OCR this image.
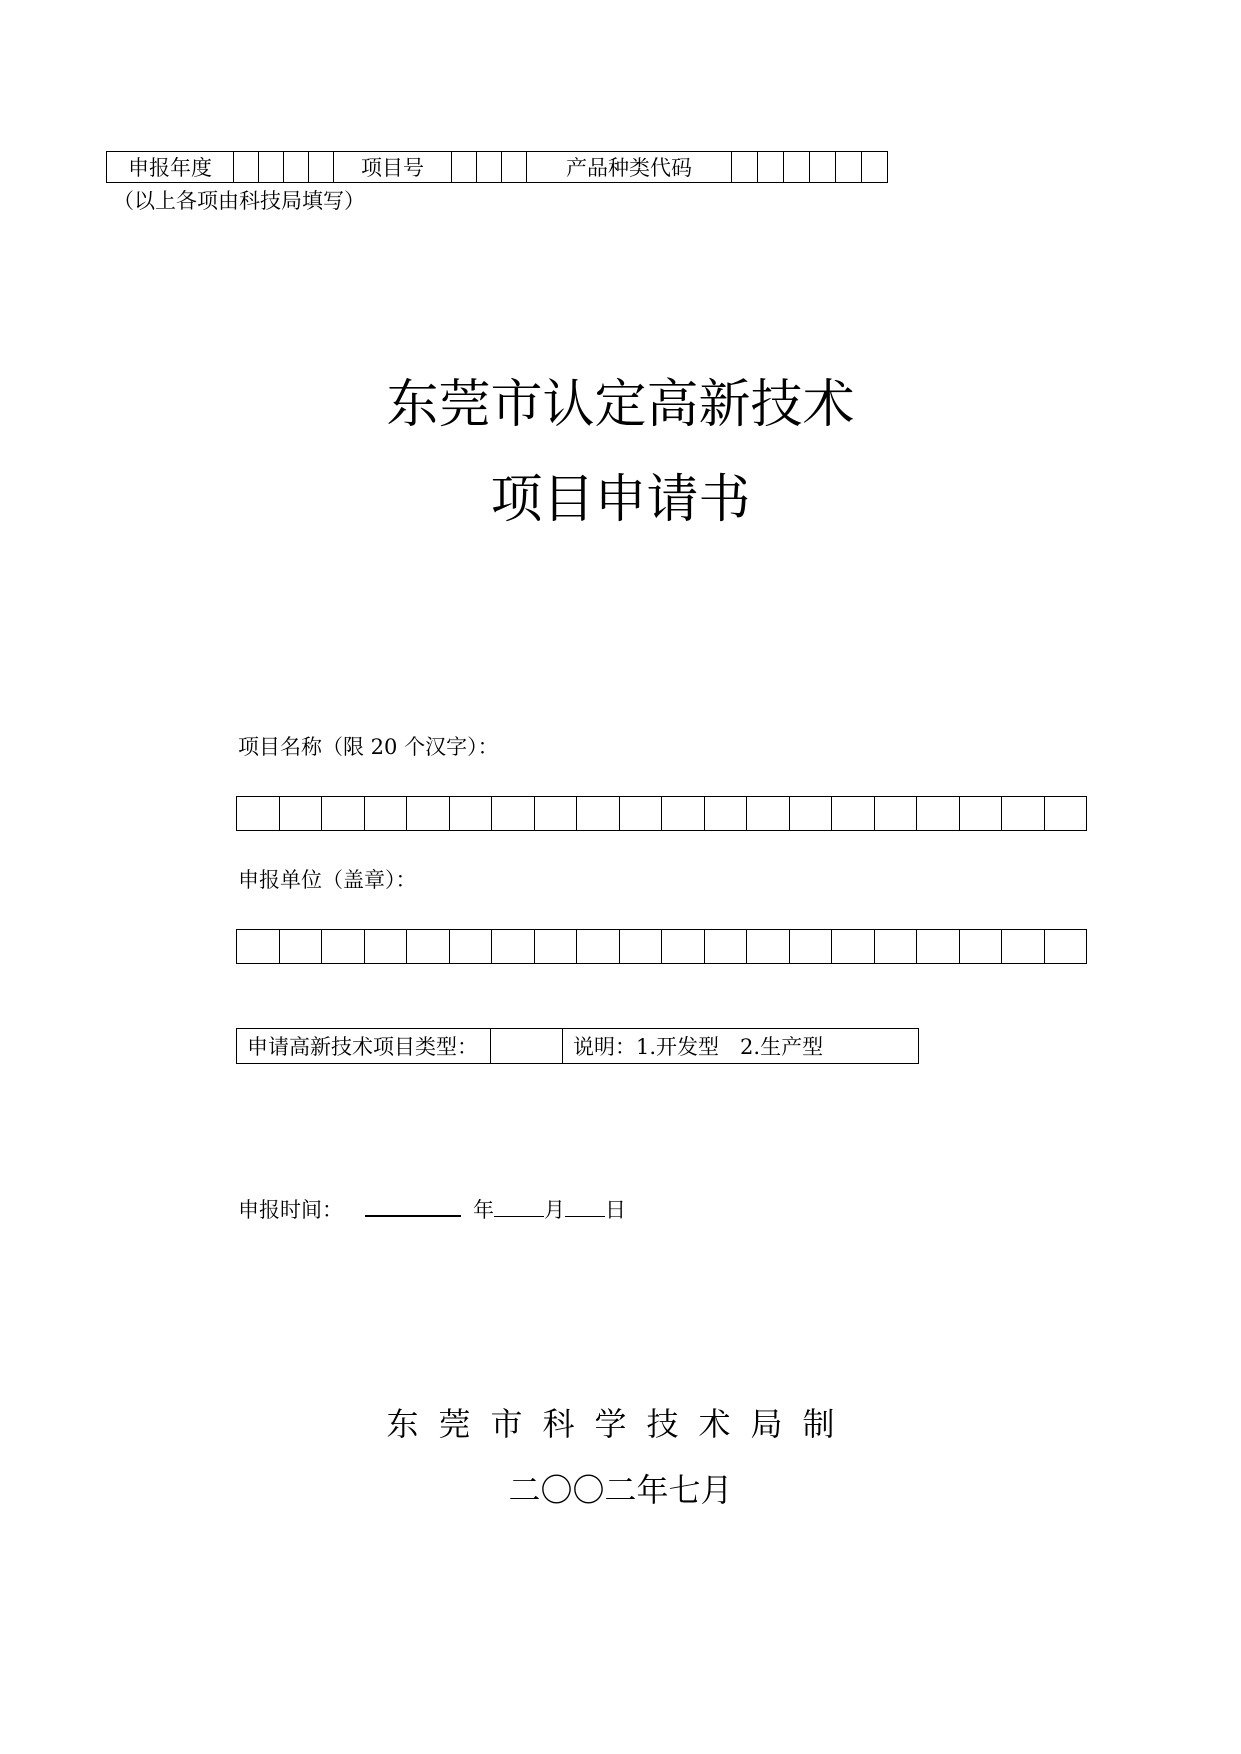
申报年度					项目号				产品种类代码						
（以上各项由科技局填写）
东莞市认定高新技术
项目申请书
项目名称（限 20 个汉字）：

申报单位（盖章）：

申请高新技术项目类型：		说明：1.开发型　2.生产型
申报时间：	年 月 日
东莞市科学技术局制
二〇〇二年七月
